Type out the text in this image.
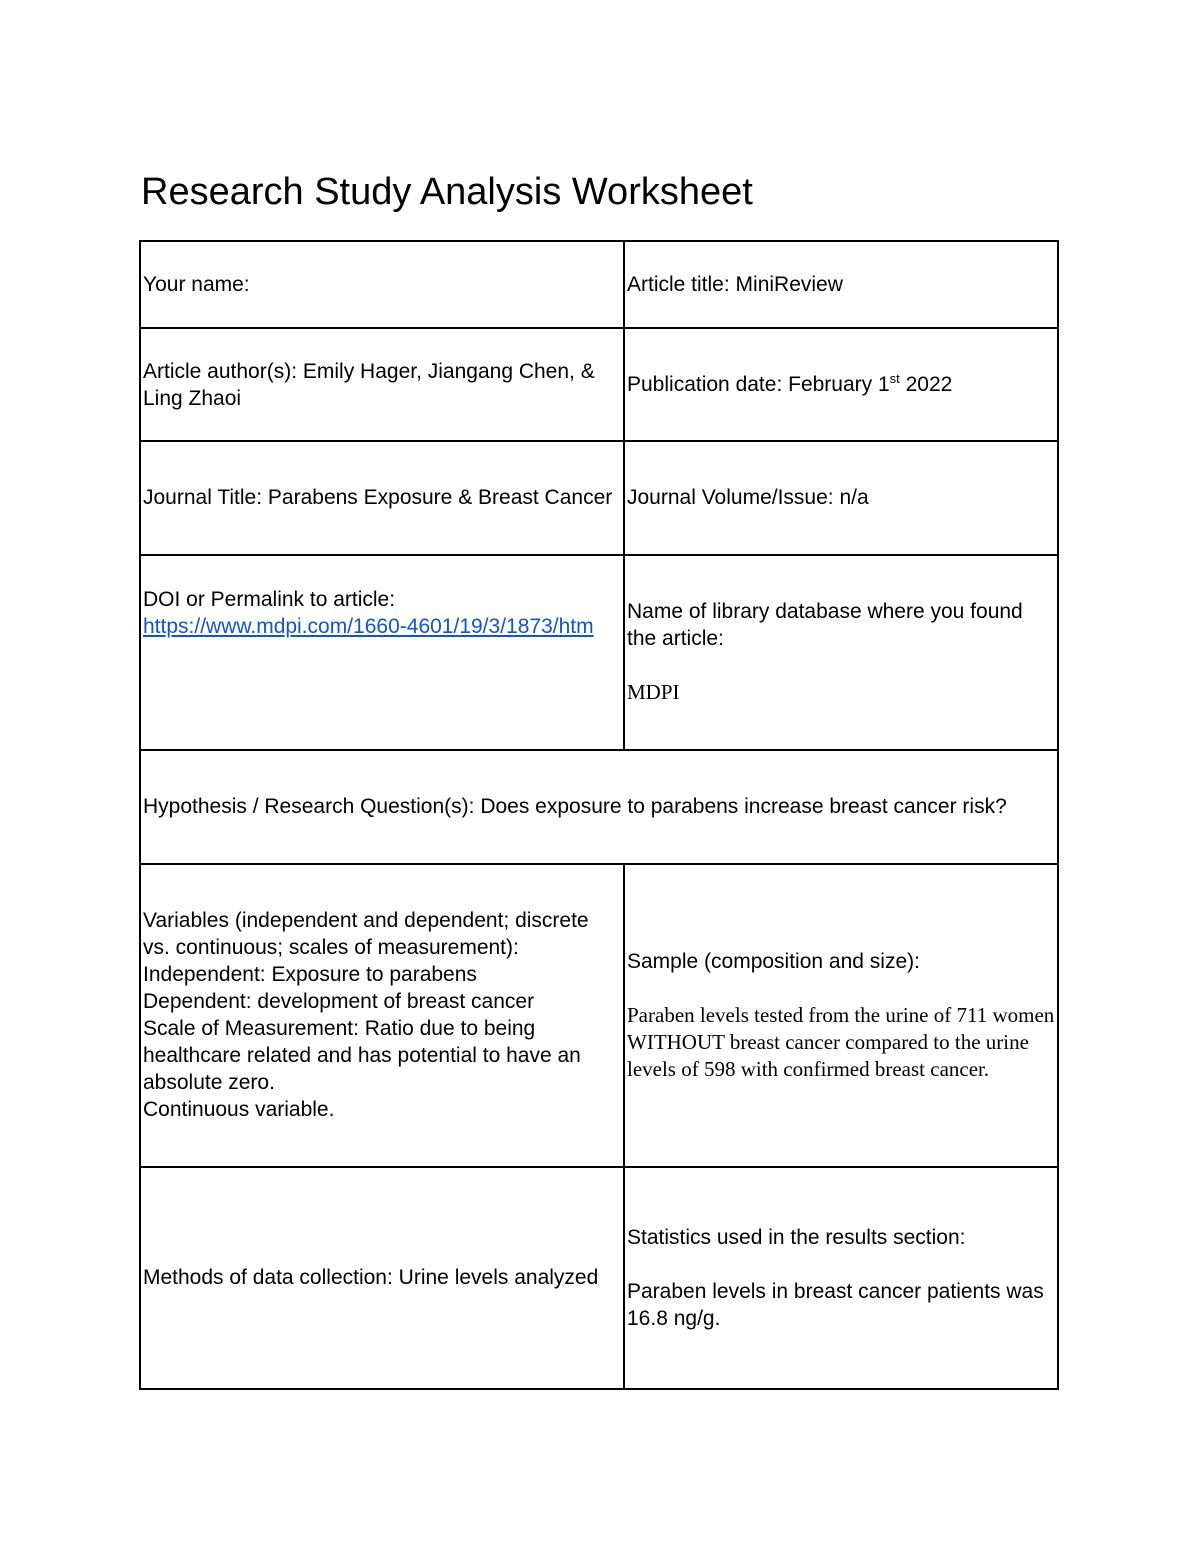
Research Study Analysis Worksheet
Your name:	Article title: MiniReview
Article author(s): Emily Hager, Jiangang Chen, & Ling Zhaoi	Publication date: February 1st 2022
Journal Title: Parabens Exposure & Breast Cancer	Journal Volume/Issue: n/a

DOI or Permalink to article:
https://www.mdpi.com/1660-4601/19/3/1873/htm	Name of library database where you found the article:
MDPI

Hypothesis / Research Question(s): Does exposure to parabens increase breast cancer risk?	

Variables (independent and dependent; discrete vs. continuous; scales of measurement):
Independent: Exposure to parabens
Dependent: development of breast cancer
Scale of Measurement: Ratio due to being healthcare related and has potential to have an absolute zero.
Continuous variable.	Sample (composition and size):
Paraben levels tested from the urine of 711 women WITHOUT breast cancer compared to the urine levels of 598 with confirmed breast cancer.

Methods of data collection: Urine levels analyzed	Statistics used in the results section:
Paraben levels in breast cancer patients was 16.8 ng/g.
